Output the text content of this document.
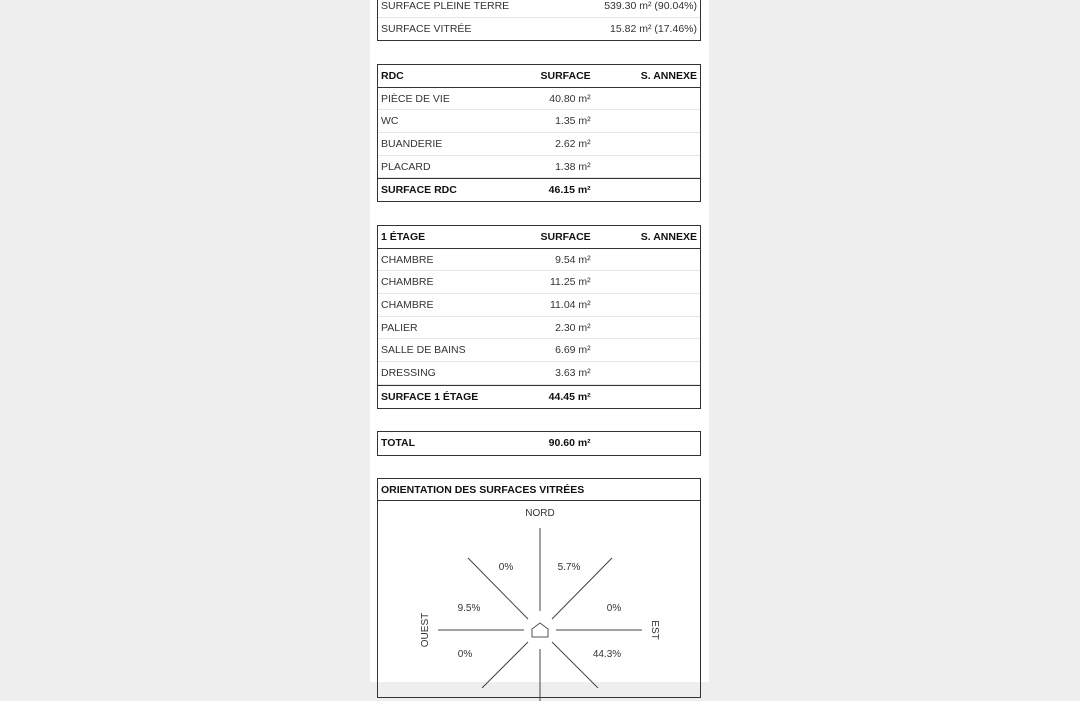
SURFACE PLEINE TERRE	539.30 m² (90.04%)
SURFACE VITRÉE	15.82 m² (17.46%)
RDC	SURFACE	S. ANNEXE
PIÈCE DE VIE	40.80 m²
WC	1.35 m²
BUANDERIE	2.62 m²
PLACARD	1.38 m²
SURFACE RDC	46.15 m²
1 ÉTAGE	SURFACE	S. ANNEXE
CHAMBRE	9.54 m²
CHAMBRE	11.25 m²
CHAMBRE	11.04 m²
PALIER	2.30 m²
SALLE DE BAINS	6.69 m²
DRESSING	3.63 m²
SURFACE 1 ÉTAGE	44.45 m²
TOTAL	90.60 m²
ORIENTATION DES SURFACES VITRÉES
NORD
EST
OUEST
0%	5.7%
9.5%	0%
0%	44.3%
